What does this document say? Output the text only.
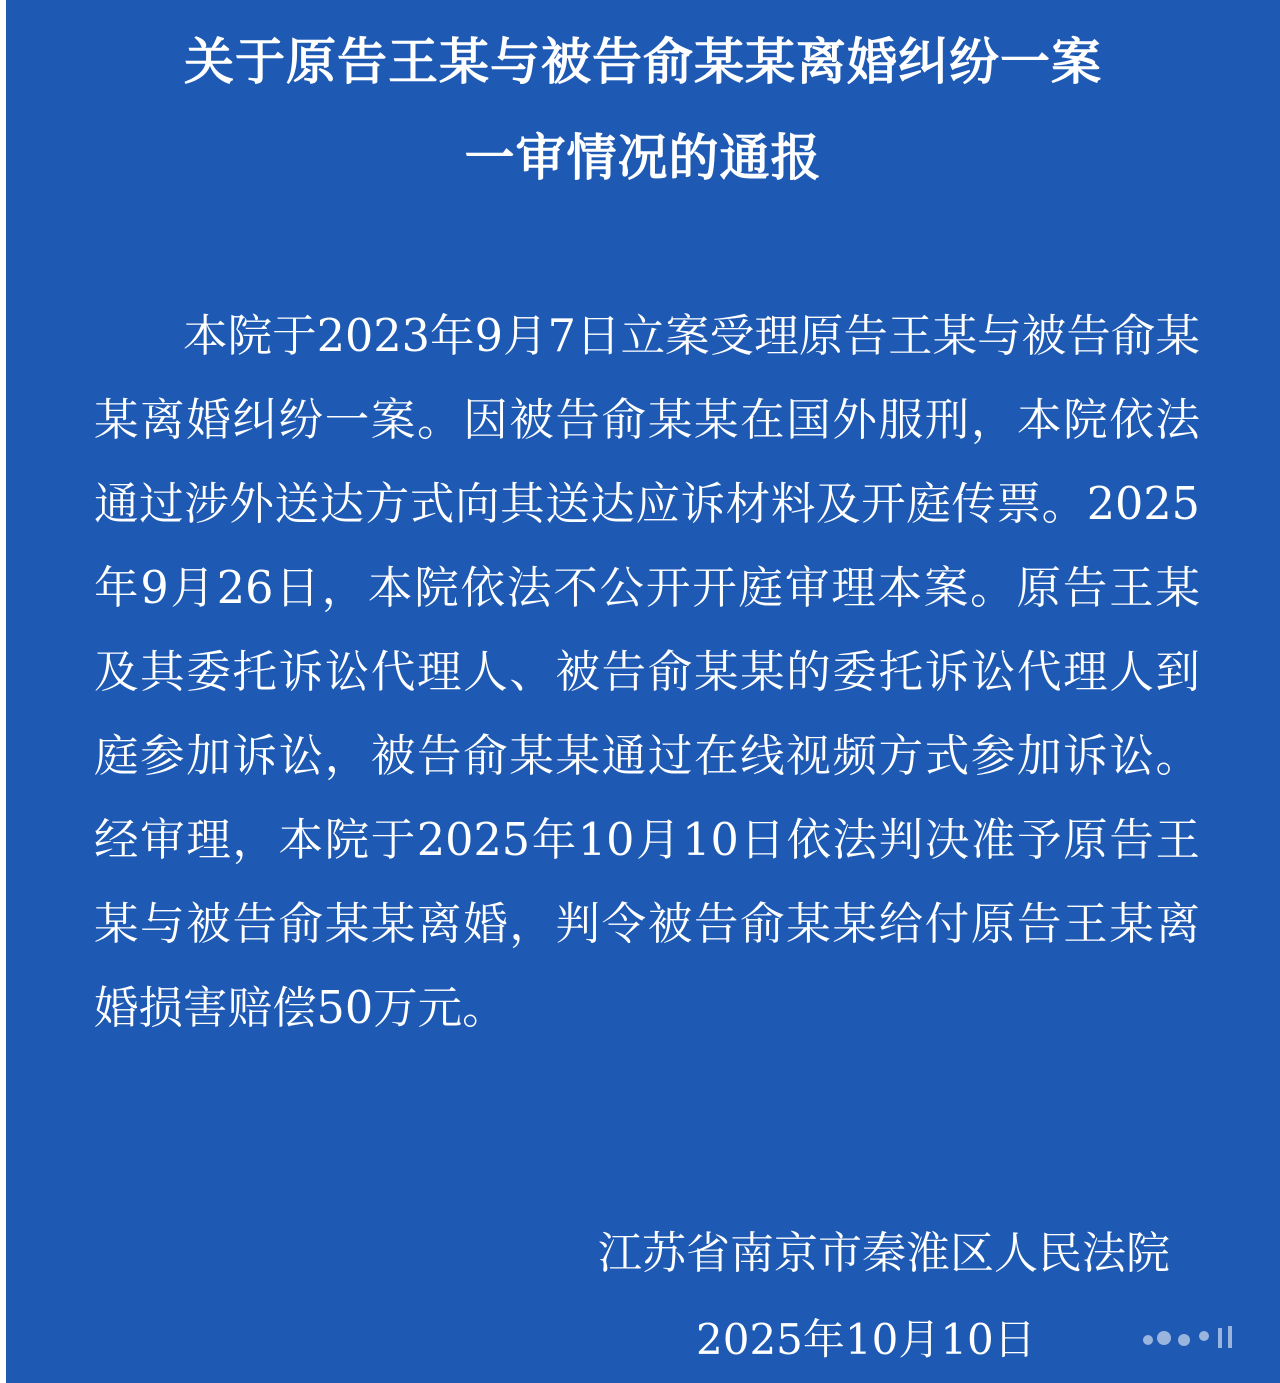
关于原告王某与被告俞某某离婚纠纷一案
一审情况的通报

本院于2023年9月7日立案受理原告王某与被告俞某某离婚纠纷一案。因被告俞某某在国外服刑，本院依法通过涉外送达方式向其送达应诉材料及开庭传票。2025年9月26日，本院依法不公开开庭审理本案。原告王某及其委托诉讼代理人、被告俞某某的委托诉讼代理人到庭参加诉讼，被告俞某某通过在线视频方式参加诉讼。经审理，本院于2025年10月10日依法判决准予原告王某与被告俞某某离婚，判令被告俞某某给付原告王某离婚损害赔偿50万元。

江苏省南京市秦淮区人民法院
2025年10月10日
